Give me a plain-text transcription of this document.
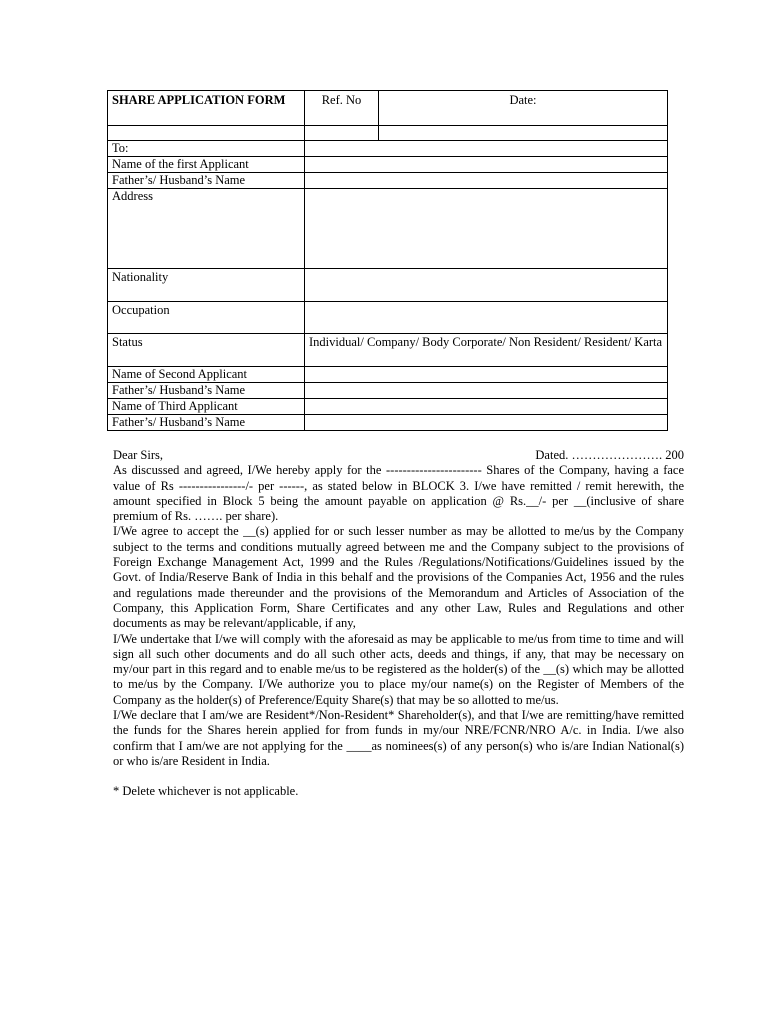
SHARE APPLICATION FORM	Ref. No	Date:

To:		
Name of the first Applicant		
Father’s/ Husband’s Name		
Address		
Nationality		
Occupation		
Status	Individual/ Company/ Body Corporate/ Non Resident/ Resident/ Karta	
Name of Second Applicant		
Father’s/ Husband’s Name		
Name of Third Applicant		
Father’s/ Husband’s Name		
Dear Sirs,	Dated. …………………. 200

As discussed and agreed, I/We hereby apply for the ----------------------- Shares of the Company, having a face value of Rs ----------------/- per ------, as stated below in BLOCK 3. I/we have remitted / remit herewith, the amount specified in Block 5 being the amount payable on application @ Rs.__/- per __(inclusive of share premium of Rs. ……. per share).

I/We agree to accept the __(s) applied for or such lesser number as may be allotted to me/us by the Company subject to the terms and conditions mutually agreed between me and the Company subject to the provisions of Foreign Exchange Management Act, 1999 and the Rules /Regulations/Notifications/Guidelines issued by the Govt. of India/Reserve Bank of India in this behalf and the provisions of the Companies Act, 1956 and the rules and regulations made thereunder and the provisions of the Memorandum and Articles of Association of the Company, this Application Form, Share Certificates and any other Law, Rules and Regulations and other documents as may be relevant/applicable, if any,

I/We undertake that I/we will comply with the aforesaid as may be applicable to me/us from time to time and will sign all such other documents and do all such other acts, deeds and things, if any, that may be necessary on my/our part in this regard and to enable me/us to be registered as the holder(s) of the __(s) which may be allotted to me/us by the Company. I/We authorize you to place my/our name(s) on the Register of Members of the Company as the holder(s) of Preference/Equity Share(s) that may be so allotted to me/us.

I/We declare that I am/we are Resident*/Non-Resident* Shareholder(s), and that I/we are remitting/have remitted the funds for the Shares herein applied for from funds in my/our NRE/FCNR/NRO A/c. in India. I/we also confirm that I am/we are not applying for the ____as nominees(s) of any person(s) who is/are Indian National(s) or who is/are Resident in India.

* Delete whichever is not applicable.
